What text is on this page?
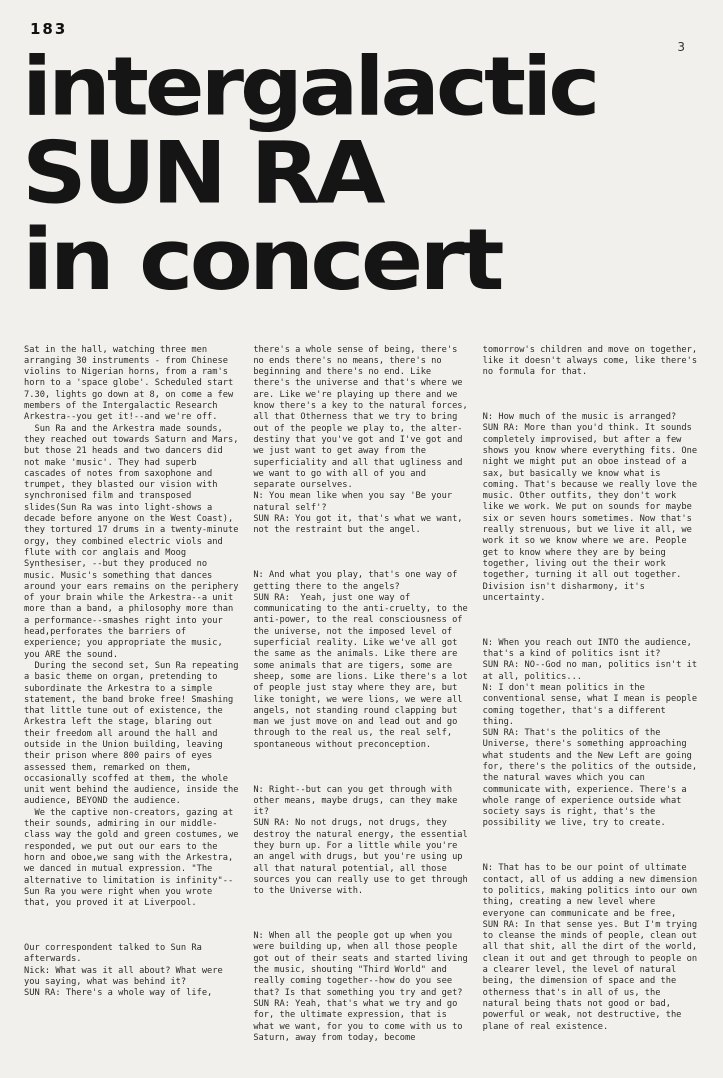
183
3
intergalactic
SUN RA
in concert

Sat in the hall, watching three men arranging 30 instruments - from Chinese violins to Nigerian horns, from a ram's horn to a 'space globe'. Scheduled start 7.30, lights go down at 8, on come a few members of the Intergalactic Research Arkestra--you get it!--and we're off.
Sun Ra and the Arkestra made sounds, they reached out towards Saturn and Mars, but those 21 heads and two dancers did not make 'music'. They had superb cascades of notes from saxophone and trumpet, they blasted our vision with synchronised film and transposed slides(Sun Ra was into light-shows a decade before anyone on the West Coast), they tortured 17 drums in a twenty-minute orgy, they combined electric viols and flute with cor anglais and Moog Synthesiser, --but they produced no music. Music's something that dances around your ears remains on the periphery of your brain while the Arkestra--a unit more than a band, a philosophy more than a performance--smashes right into your head,perforates the barriers of experience; you appropriate the music, you ARE the sound.
During the second set, Sun Ra repeating a basic theme on organ, pretending to subordinate the Arkestra to a simple statement, the band broke free! Smashing that little tune out of existence, the Arkestra left the stage, blaring out their freedom all around the hall and outside in the Union building, leaving their prison where 800 pairs of eyes assessed them, remarked on them, occasionally scoffed at them, the whole unit went behind the audience, inside the audience, BEYOND the audience.
We the captive non-creators, gazing at their sounds, admiring in our middle-class way the gold and green costumes, we responded, we put out our ears to the horn and oboe,we sang with the Arkestra, we danced in mutual expression. "The alternative to limitation is infinity"--Sun Ra you were right when you wrote that, you proved it at Liverpool.

Our correspondent talked to Sun Ra afterwards.
Nick: What was it all about? What were you saying, what was behind it?
SUN RA: There's a whole way of life,

there's a whole sense of being, there's no ends there's no means, there's no beginning and there's no end. Like there's the universe and that's where we are. Like we're playing up there and we know there's a key to the natural forces, all that Otherness that we try to bring out of the people we play to, the alter-destiny that you've got and I've got and we just want to get away from the superficiality and all that ugliness and we want to go with all of you and separate ourselves.
N: You mean like when you say 'Be your natural self'?
SUN RA: You got it, that's what we want, not the restraint but the angel.

N: And what you play, that's one way of getting there to the angels?
SUN RA:  Yeah, just one way of communicating to the anti-cruelty, to the anti-power, to the real consciousness of the universe, not the imposed level of superficial reality. Like we've all got the same as the animals. Like there are some animals that are tigers, some are sheep, some are lions. Like there's a lot of people just stay where they are, but like tonight, we were lions, we were all angels, not standing round clapping but man we just move on and lead out and go through to the real us, the real self, spontaneous without preconception.

N: Right--but can you get through with other means, maybe drugs, can they make it?
SUN RA: No not drugs, not drugs, they destroy the natural energy, the essential they burn up. For a little while you're an angel with drugs, but you're using up all that natural potential, all those sources you can really use to get through to the Universe with.

N: When all the people got up when you were building up, when all those people got out of their seats and started living the music, shouting "Third World" and really coming together--how do you see that? Is that something you try and get?
SUN RA: Yeah, that's what we try and go for, the ultimate expression, that is what we want, for you to come with us to Saturn, away from today, become

tomorrow's children and move on together, like it doesn't always come, like there's no formula for that.

N: How much of the music is arranged?
SUN RA: More than you'd think. It sounds completely improvised, but after a few shows you know where everything fits. One night we might put an oboe instead of a sax, but basically we know what is coming. That's because we really love the music. Other outfits, they don't work like we work. We put on sounds for maybe six or seven hours sometimes. Now that's really strenuous, but we live it all, we work it so we know where we are. People get to know where they are by being together, living out the their work together, turning it all out together. Division isn't disharmony, it's uncertainty.

N: When you reach out INTO the audience, that's a kind of politics isnt it?
SUN RA: NO--God no man, politics isn't it at all, politics...
N: I don't mean politics in the conventional sense, what I mean is people coming together, that's a different thing.
SUN RA: That's the politics of the Universe, there's something approaching what students and the New Left are going for, there's the politics of the outside, the natural waves which you can communicate with, experience. There's a whole range of experience outside what society says is right, that's the possibility we live, try to create.

N: That has to be our point of ultimate contact, all of us adding a new dimension to politics, making politics into our own thing, creating a new level where everyone can communicate and be free,
SUN RA: In that sense yes. But I'm trying to cleanse the minds of people, clean out all that shit, all the dirt of the world, clean it out and get through to people on a clearer level, the level of natural being, the dimension of space and the otherness that's in all of us, the natural being thats not good or bad, powerful or weak, not destructive, the plane of real existence.
